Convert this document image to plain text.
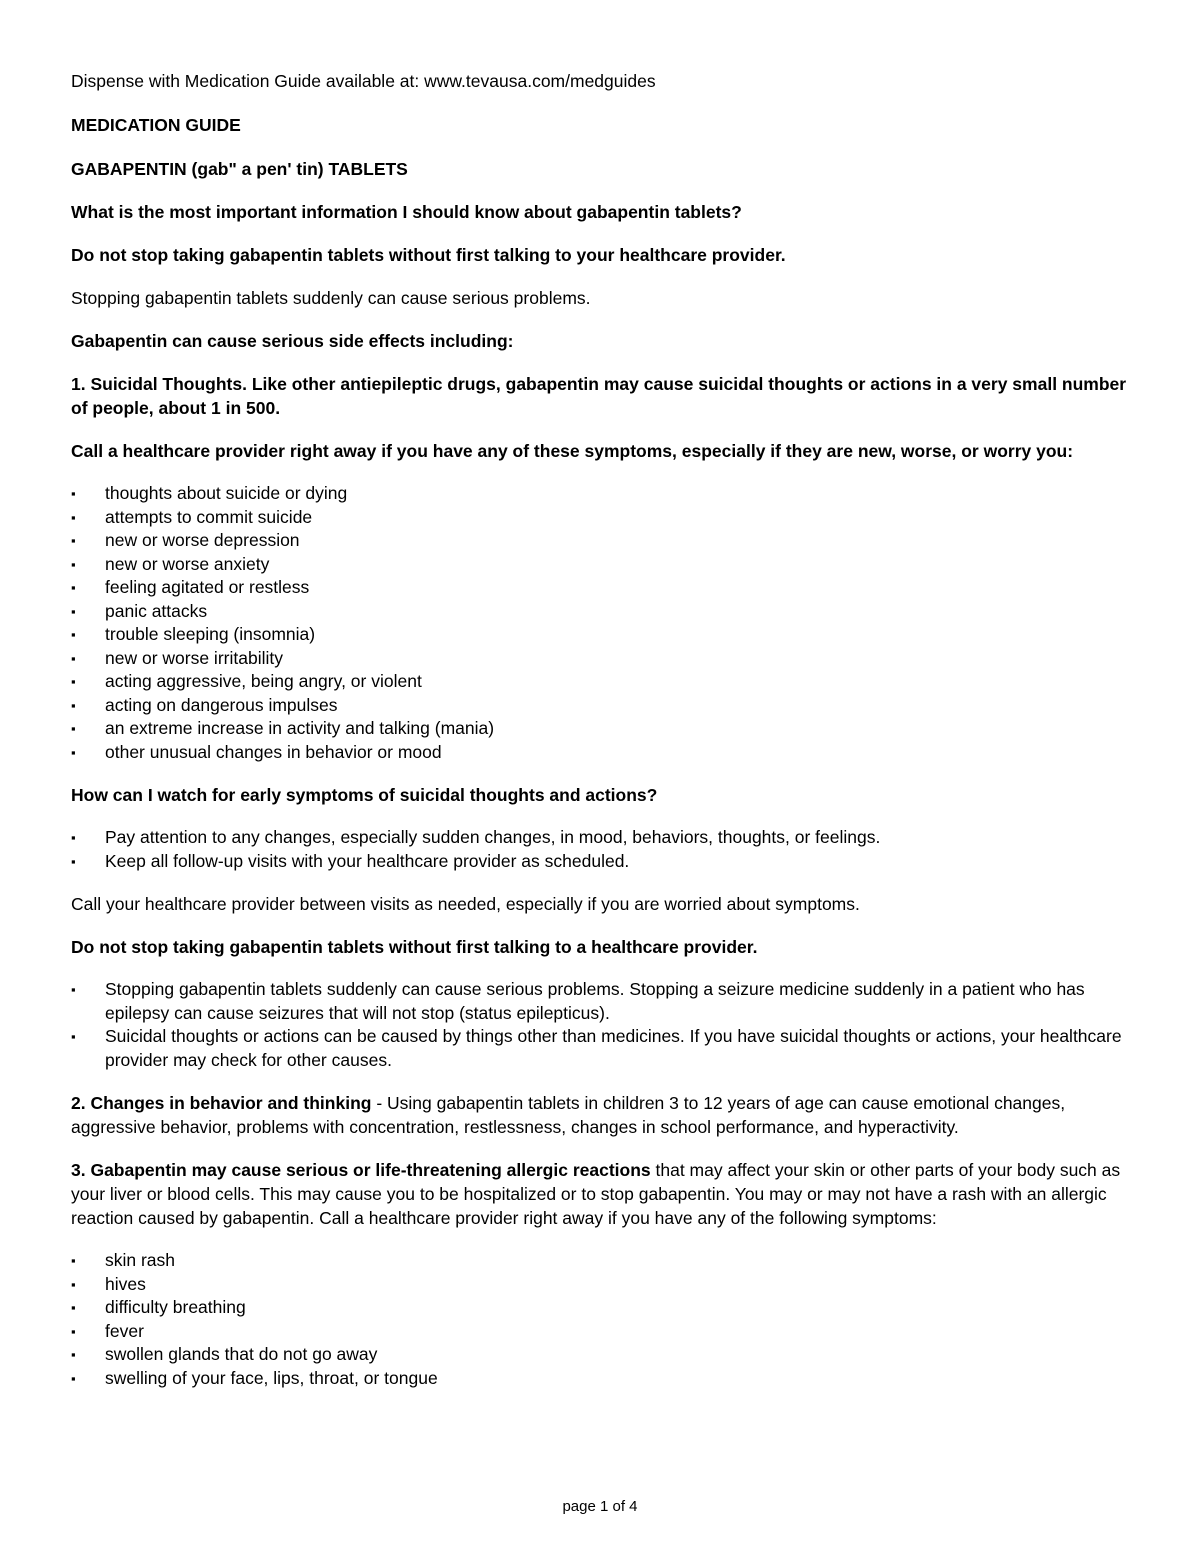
Dispense with Medication Guide available at: www.tevausa.com/medguides

MEDICATION GUIDE

GABAPENTIN (gab" a pen' tin) TABLETS

What is the most important information I should know about gabapentin tablets?

Do not stop taking gabapentin tablets without first talking to your healthcare provider.

Stopping gabapentin tablets suddenly can cause serious problems.

Gabapentin can cause serious side effects including:

1. Suicidal Thoughts. Like other antiepileptic drugs, gabapentin may cause suicidal thoughts or actions in a very small number of people, about 1 in 500.

Call a healthcare provider right away if you have any of these symptoms, especially if they are new, worse, or worry you:

▪ thoughts about suicide or dying
▪ attempts to commit suicide
▪ new or worse depression
▪ new or worse anxiety
▪ feeling agitated or restless
▪ panic attacks
▪ trouble sleeping (insomnia)
▪ new or worse irritability
▪ acting aggressive, being angry, or violent
▪ acting on dangerous impulses
▪ an extreme increase in activity and talking (mania)
▪ other unusual changes in behavior or mood

How can I watch for early symptoms of suicidal thoughts and actions?

▪ Pay attention to any changes, especially sudden changes, in mood, behaviors, thoughts, or feelings.
▪ Keep all follow-up visits with your healthcare provider as scheduled.

Call your healthcare provider between visits as needed, especially if you are worried about symptoms.

Do not stop taking gabapentin tablets without first talking to a healthcare provider.

▪ Stopping gabapentin tablets suddenly can cause serious problems. Stopping a seizure medicine suddenly in a patient who has epilepsy can cause seizures that will not stop (status epilepticus).
▪ Suicidal thoughts or actions can be caused by things other than medicines. If you have suicidal thoughts or actions, your healthcare provider may check for other causes.

2. Changes in behavior and thinking - Using gabapentin tablets in children 3 to 12 years of age can cause emotional changes, aggressive behavior, problems with concentration, restlessness, changes in school performance, and hyperactivity.

3. Gabapentin may cause serious or life-threatening allergic reactions that may affect your skin or other parts of your body such as your liver or blood cells. This may cause you to be hospitalized or to stop gabapentin. You may or may not have a rash with an allergic reaction caused by gabapentin. Call a healthcare provider right away if you have any of the following symptoms:

▪ skin rash
▪ hives
▪ difficulty breathing
▪ fever
▪ swollen glands that do not go away
▪ swelling of your face, lips, throat, or tongue
page 1 of 4
